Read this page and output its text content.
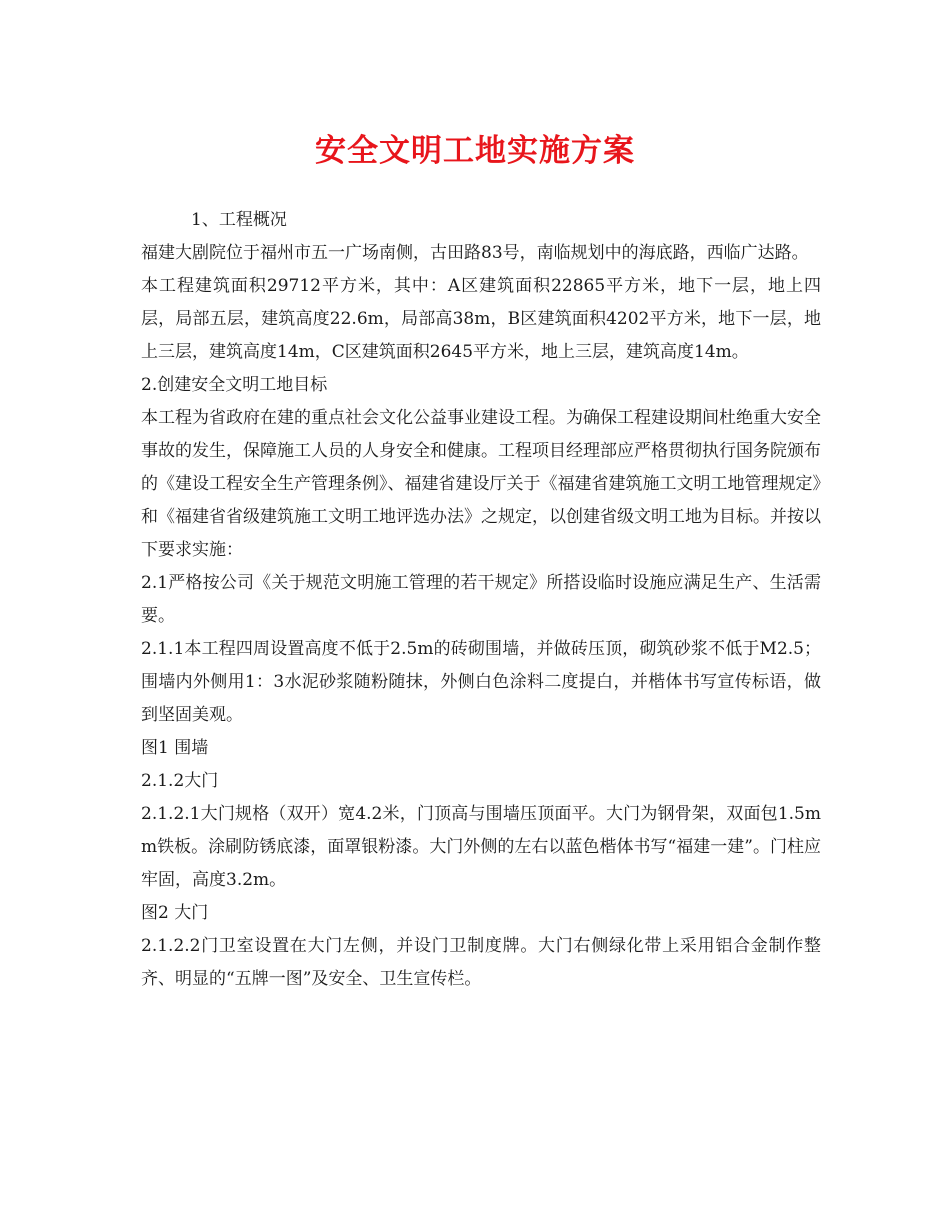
安全文明工地实施方案

1、工程概况

福建大剧院位于福州市五一广场南侧，古田路83号，南临规划中的海底路，西临广达路。

本工程建筑面积29712平方米，其中：A区建筑面积22865平方米，地下一层，地上四层，局部五层，建筑高度22.6m，局部高38m，B区建筑面积4202平方米，地下一层，地上三层，建筑高度14m，C区建筑面积2645平方米，地上三层，建筑高度14m。

2.创建安全文明工地目标

本工程为省政府在建的重点社会文化公益事业建设工程。为确保工程建设期间杜绝重大安全事故的发生，保障施工人员的人身安全和健康。工程项目经理部应严格贯彻执行国务院颁布的《建设工程安全生产管理条例》、福建省建设厅关于《福建省建筑施工文明工地管理规定》和《福建省省级建筑施工文明工地评选办法》之规定，以创建省级文明工地为目标。并按以下要求实施：

2.1严格按公司《关于规范文明施工管理的若干规定》所搭设临时设施应满足生产、生活需要。

2.1.1本工程四周设置高度不低于2.5m的砖砌围墙，并做砖压顶，砌筑砂浆不低于M2.5；围墙内外侧用1：3水泥砂浆随粉随抹，外侧白色涂料二度提白，并楷体书写宣传标语，做到坚固美观。

图1 围墙

2.1.2大门

2.1.2.1大门规格（双开）宽4.2米，门顶高与围墙压顶面平。大门为钢骨架，双面包1.5mm铁板。涂刷防锈底漆，面罩银粉漆。大门外侧的左右以蓝色楷体书写“福建一建”。门柱应牢固，高度3.2m。

图2 大门

2.1.2.2门卫室设置在大门左侧，并设门卫制度牌。大门右侧绿化带上采用铝合金制作整齐、明显的“五牌一图”及安全、卫生宣传栏。
